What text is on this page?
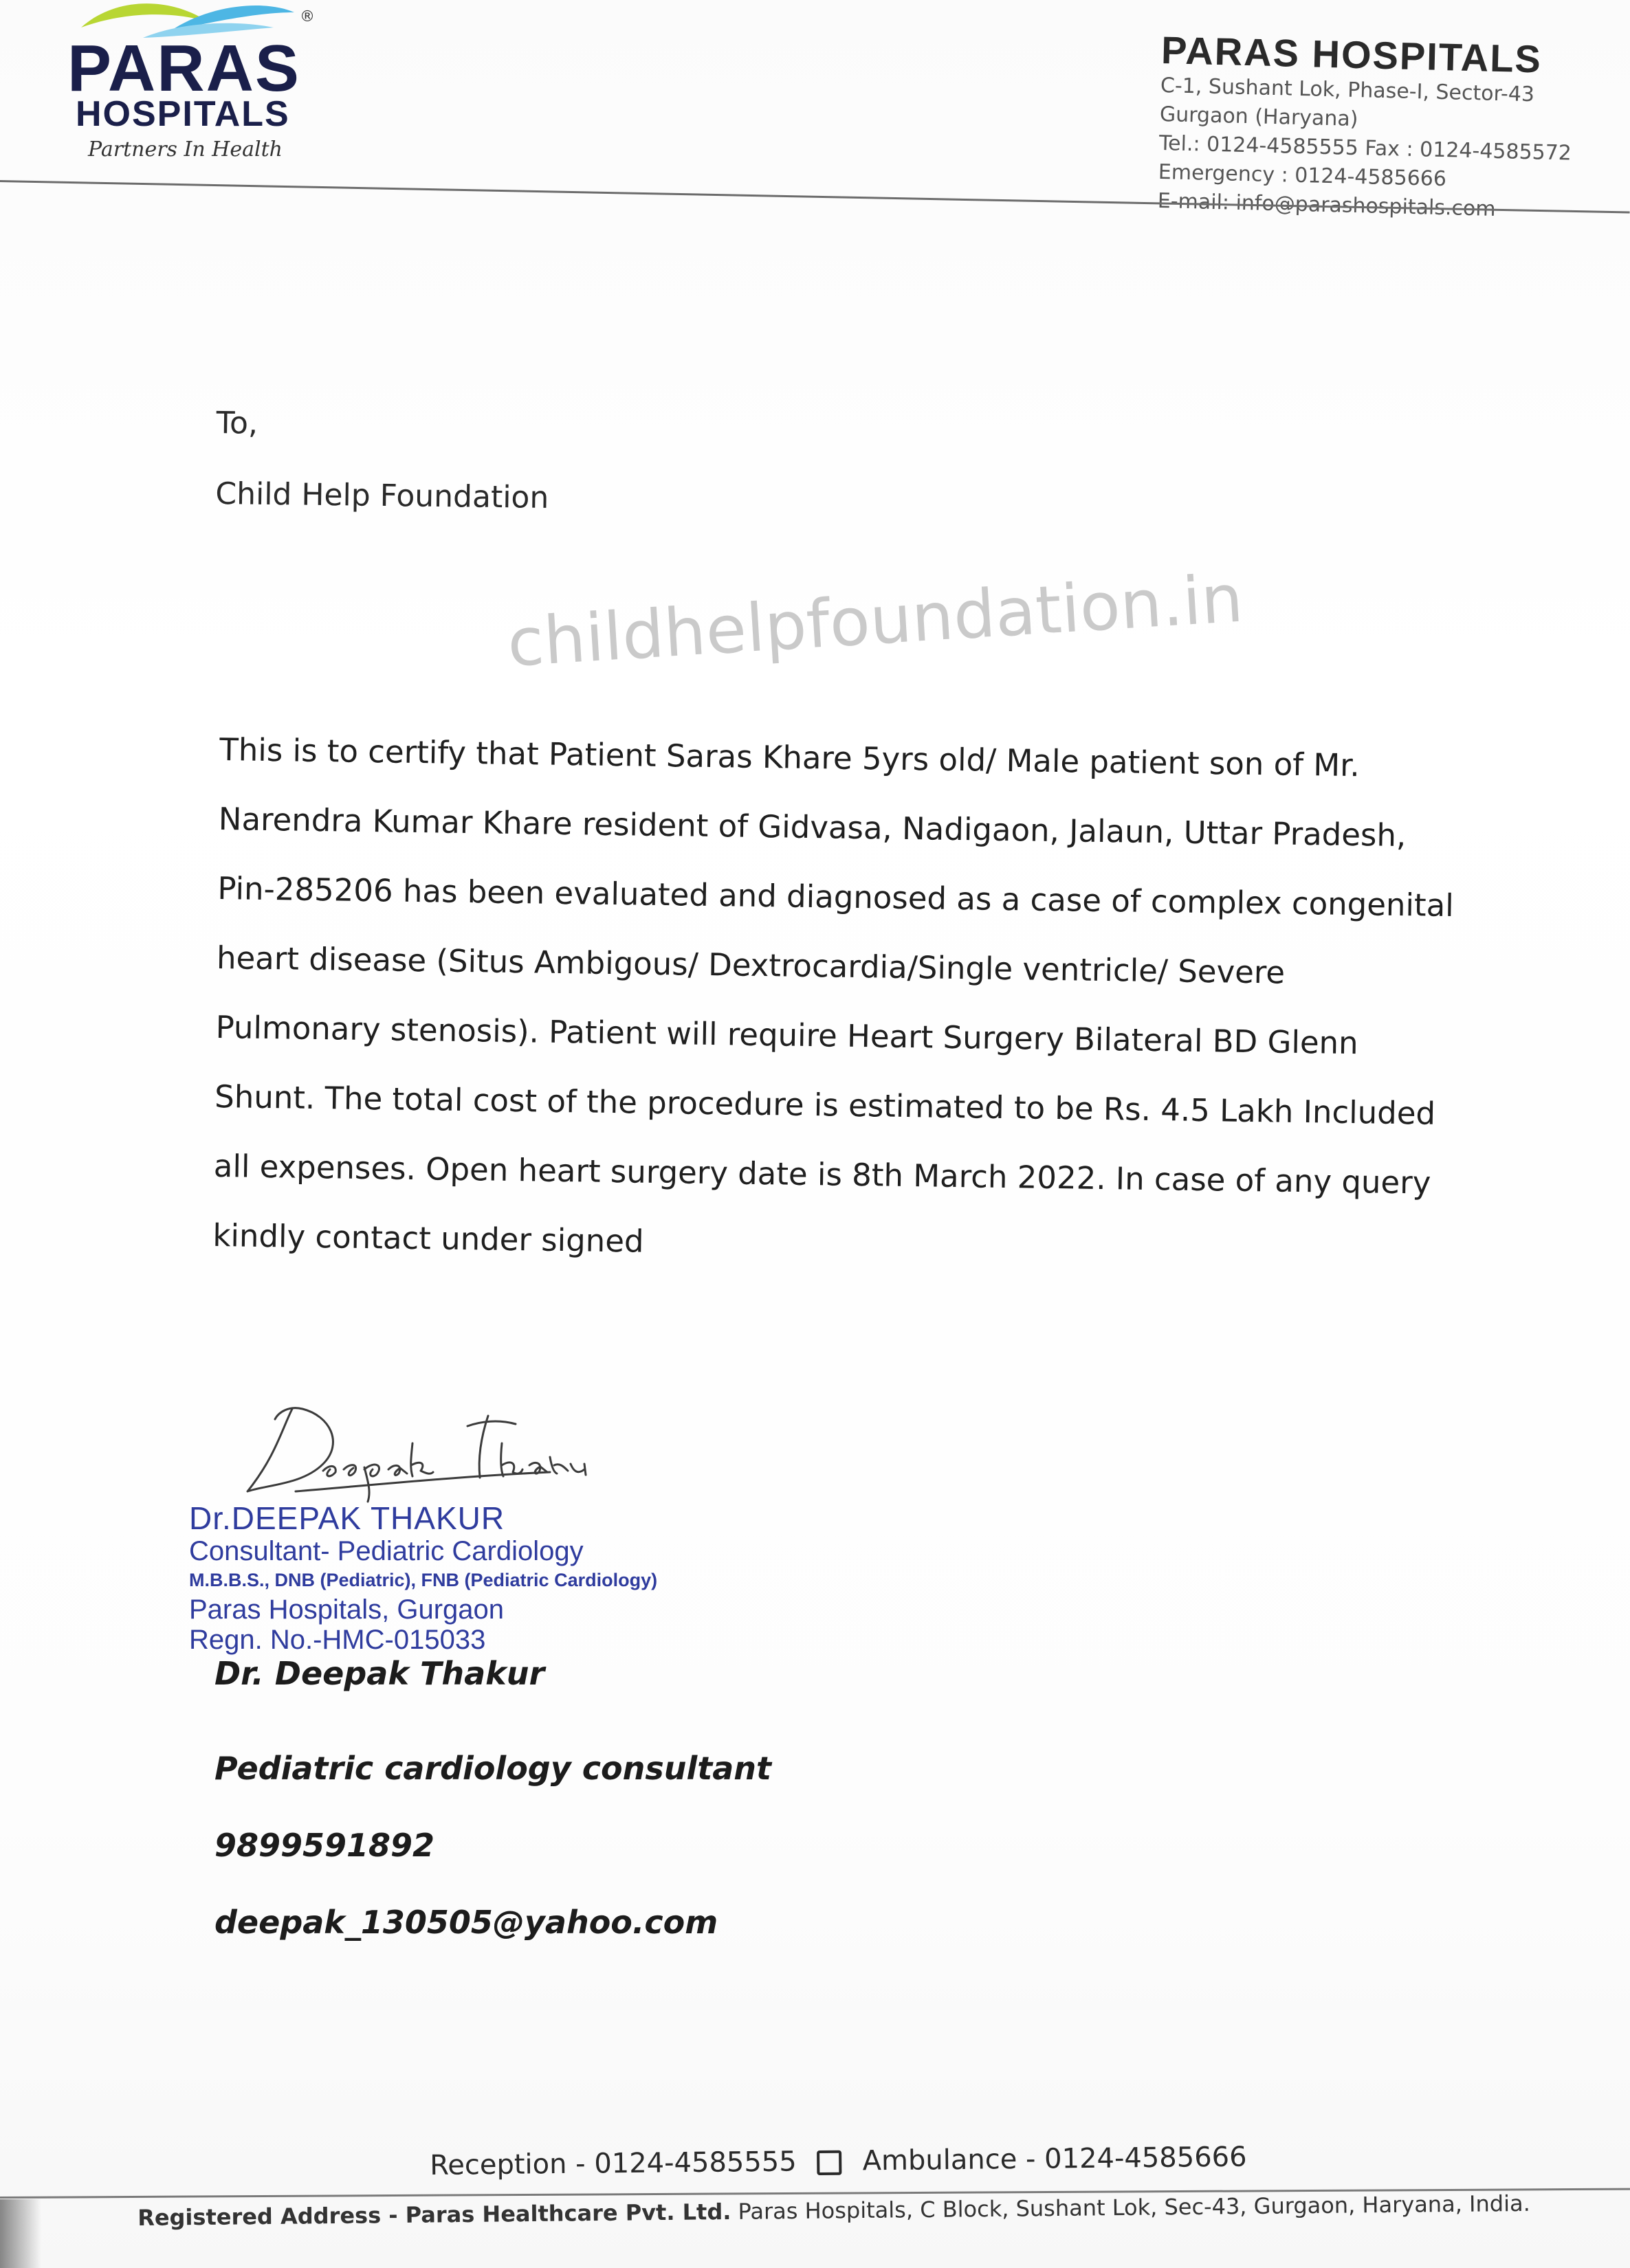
®
PARAS
HOSPITALS
Partners In Health
PARAS HOSPITALS
C-1, Sushant Lok, Phase-I, Sector-43
Gurgaon (Haryana)
Tel.: 0124-4585555 Fax : 0124-4585572
Emergency : 0124-4585666
E-mail: info@parashospitals.com

To,

Child Help Foundation

childhelpfoundation.in
This is to certify that Patient Saras Khare 5yrs old/ Male patient son of Mr.
Narendra Kumar Khare resident of Gidvasa, Nadigaon, Jalaun, Uttar Pradesh,
Pin-285206 has been evaluated and diagnosed as a case of complex congenital
heart disease (Situs Ambigous/ Dextrocardia/Single ventricle/ Severe
Pulmonary stenosis). Patient will require Heart Surgery Bilateral BD Glenn
Shunt. The total cost of the procedure is estimated to be Rs. 4.5 Lakh Included
all expenses. Open heart surgery date is 8th March 2022. In case of any query
kindly contact under signed
Dr.DEEPAK THAKUR
Consultant- Pediatric Cardiology
M.B.B.S., DNB (Pediatric), FNB (Pediatric Cardiology)
Paras Hospitals, Gurgaon
Regn. No.-HMC-015033
Dr. Deepak Thakur
Pediatric cardiology consultant
9899591892
deepak_130505@yahoo.com
Reception - 0124-4585555 Ambulance - 0124-4585666
Registered Address - Paras Healthcare Pvt. Ltd. Paras Hospitals, C Block, Sushant Lok, Sec-43, Gurgaon, Haryana, India.
